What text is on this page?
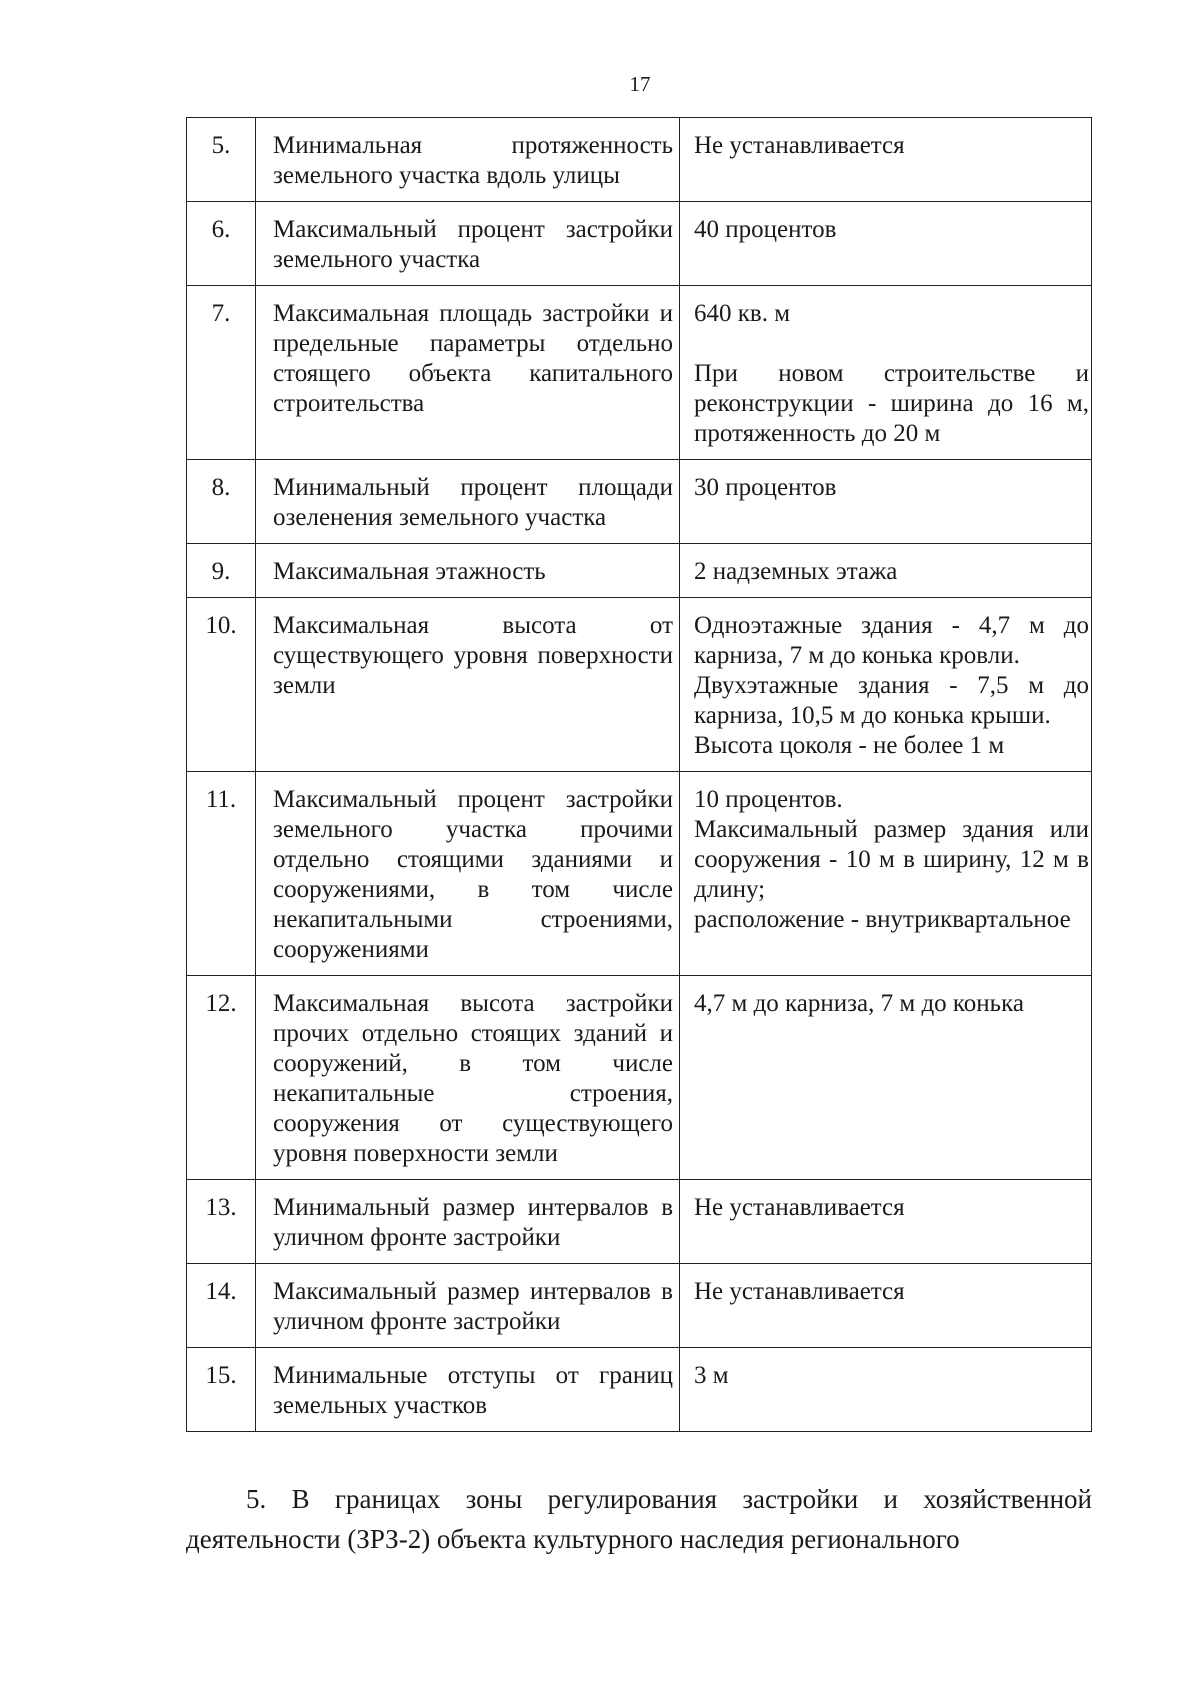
17
5.	Минимальная протяженность земельного участка вдоль улицы	Не устанавливается

6.	Максимальный процент застройки земельного участка	40 процентов

7.	Максимальная площадь застройки и предельные параметры отдельно стоящего объекта капитального строительства	640 кв. м
При новом строительстве и реконструкции - ширина до 16 м, протяженность до 20 м

8.	Минимальный процент площади озеленения земельного участка	30 процентов

9.	Максимальная этажность	2 надземных этажа

10.	Максимальная высота от существующего уровня поверхности земли	Одноэтажные здания - 4,7 м до карниза, 7 м до конька кровли.
Двухэтажные здания - 7,5 м до карниза, 10,5 м до конька крыши.
Высота цоколя - не более 1 м

11.	Максимальный процент застройки земельного участка прочими отдельно стоящими зданиями и сооружениями, в том числе некапитальными строениями, сооружениями	10 процентов.
Максимальный размер здания или сооружения - 10 м в ширину, 12 м в длину;
расположение - внутриквартальное

12.	Максимальная высота застройки прочих отдельно стоящих зданий и сооружений, в том числе некапитальные строения, сооружения от существующего уровня поверхности земли	4,7 м до карниза, 7 м до конька

13.	Минимальный размер интервалов в уличном фронте застройки	Не устанавливается

14.	Максимальный размер интервалов в уличном фронте застройки	Не устанавливается

15.	Минимальные отступы от границ земельных участков	3 м

5. В границах зоны регулирования застройки и хозяйственной деятельности (ЗРЗ-2) объекта культурного наследия регионального
